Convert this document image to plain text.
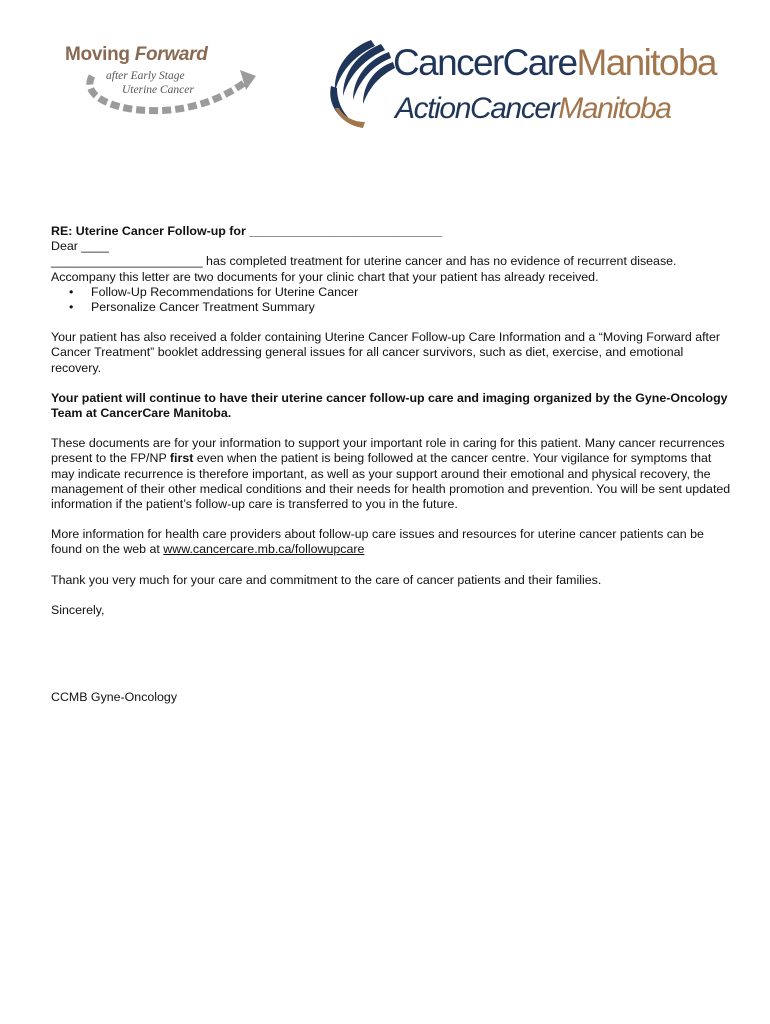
Moving Forward
after Early Stage
Uterine Cancer
CancerCareManitoba
ActionCancerManitoba

RE: Uterine Cancer Follow-up for ____________________________

Dear ____

______________________ has completed treatment for uterine cancer and has no evidence of recurrent disease. Accompany this letter are two documents for your clinic chart that your patient has already received.

• Follow-Up Recommendations for Uterine Cancer
• Personalize Cancer Treatment Summary

Your patient has also received a folder containing Uterine Cancer Follow-up Care Information and a “Moving Forward after Cancer Treatment” booklet addressing general issues for all cancer survivors, such as diet, exercise, and emotional recovery.

Your patient will continue to have their uterine cancer follow-up care and imaging organized by the Gyne-Oncology Team at CancerCare Manitoba.

These documents are for your information to support your important role in caring for this patient. Many cancer recurrences present to the FP/NP first even when the patient is being followed at the cancer centre. Your vigilance for symptoms that may indicate recurrence is therefore important, as well as your support around their emotional and physical recovery, the management of their other medical conditions and their needs for health promotion and prevention. You will be sent updated information if the patient’s follow-up care is transferred to you in the future.

More information for health care providers about follow-up care issues and resources for uterine cancer patients can be found on the web at www.cancercare.mb.ca/followupcare

Thank you very much for your care and commitment to the care of cancer patients and their families.

Sincerely,

CCMB Gyne-Oncology
